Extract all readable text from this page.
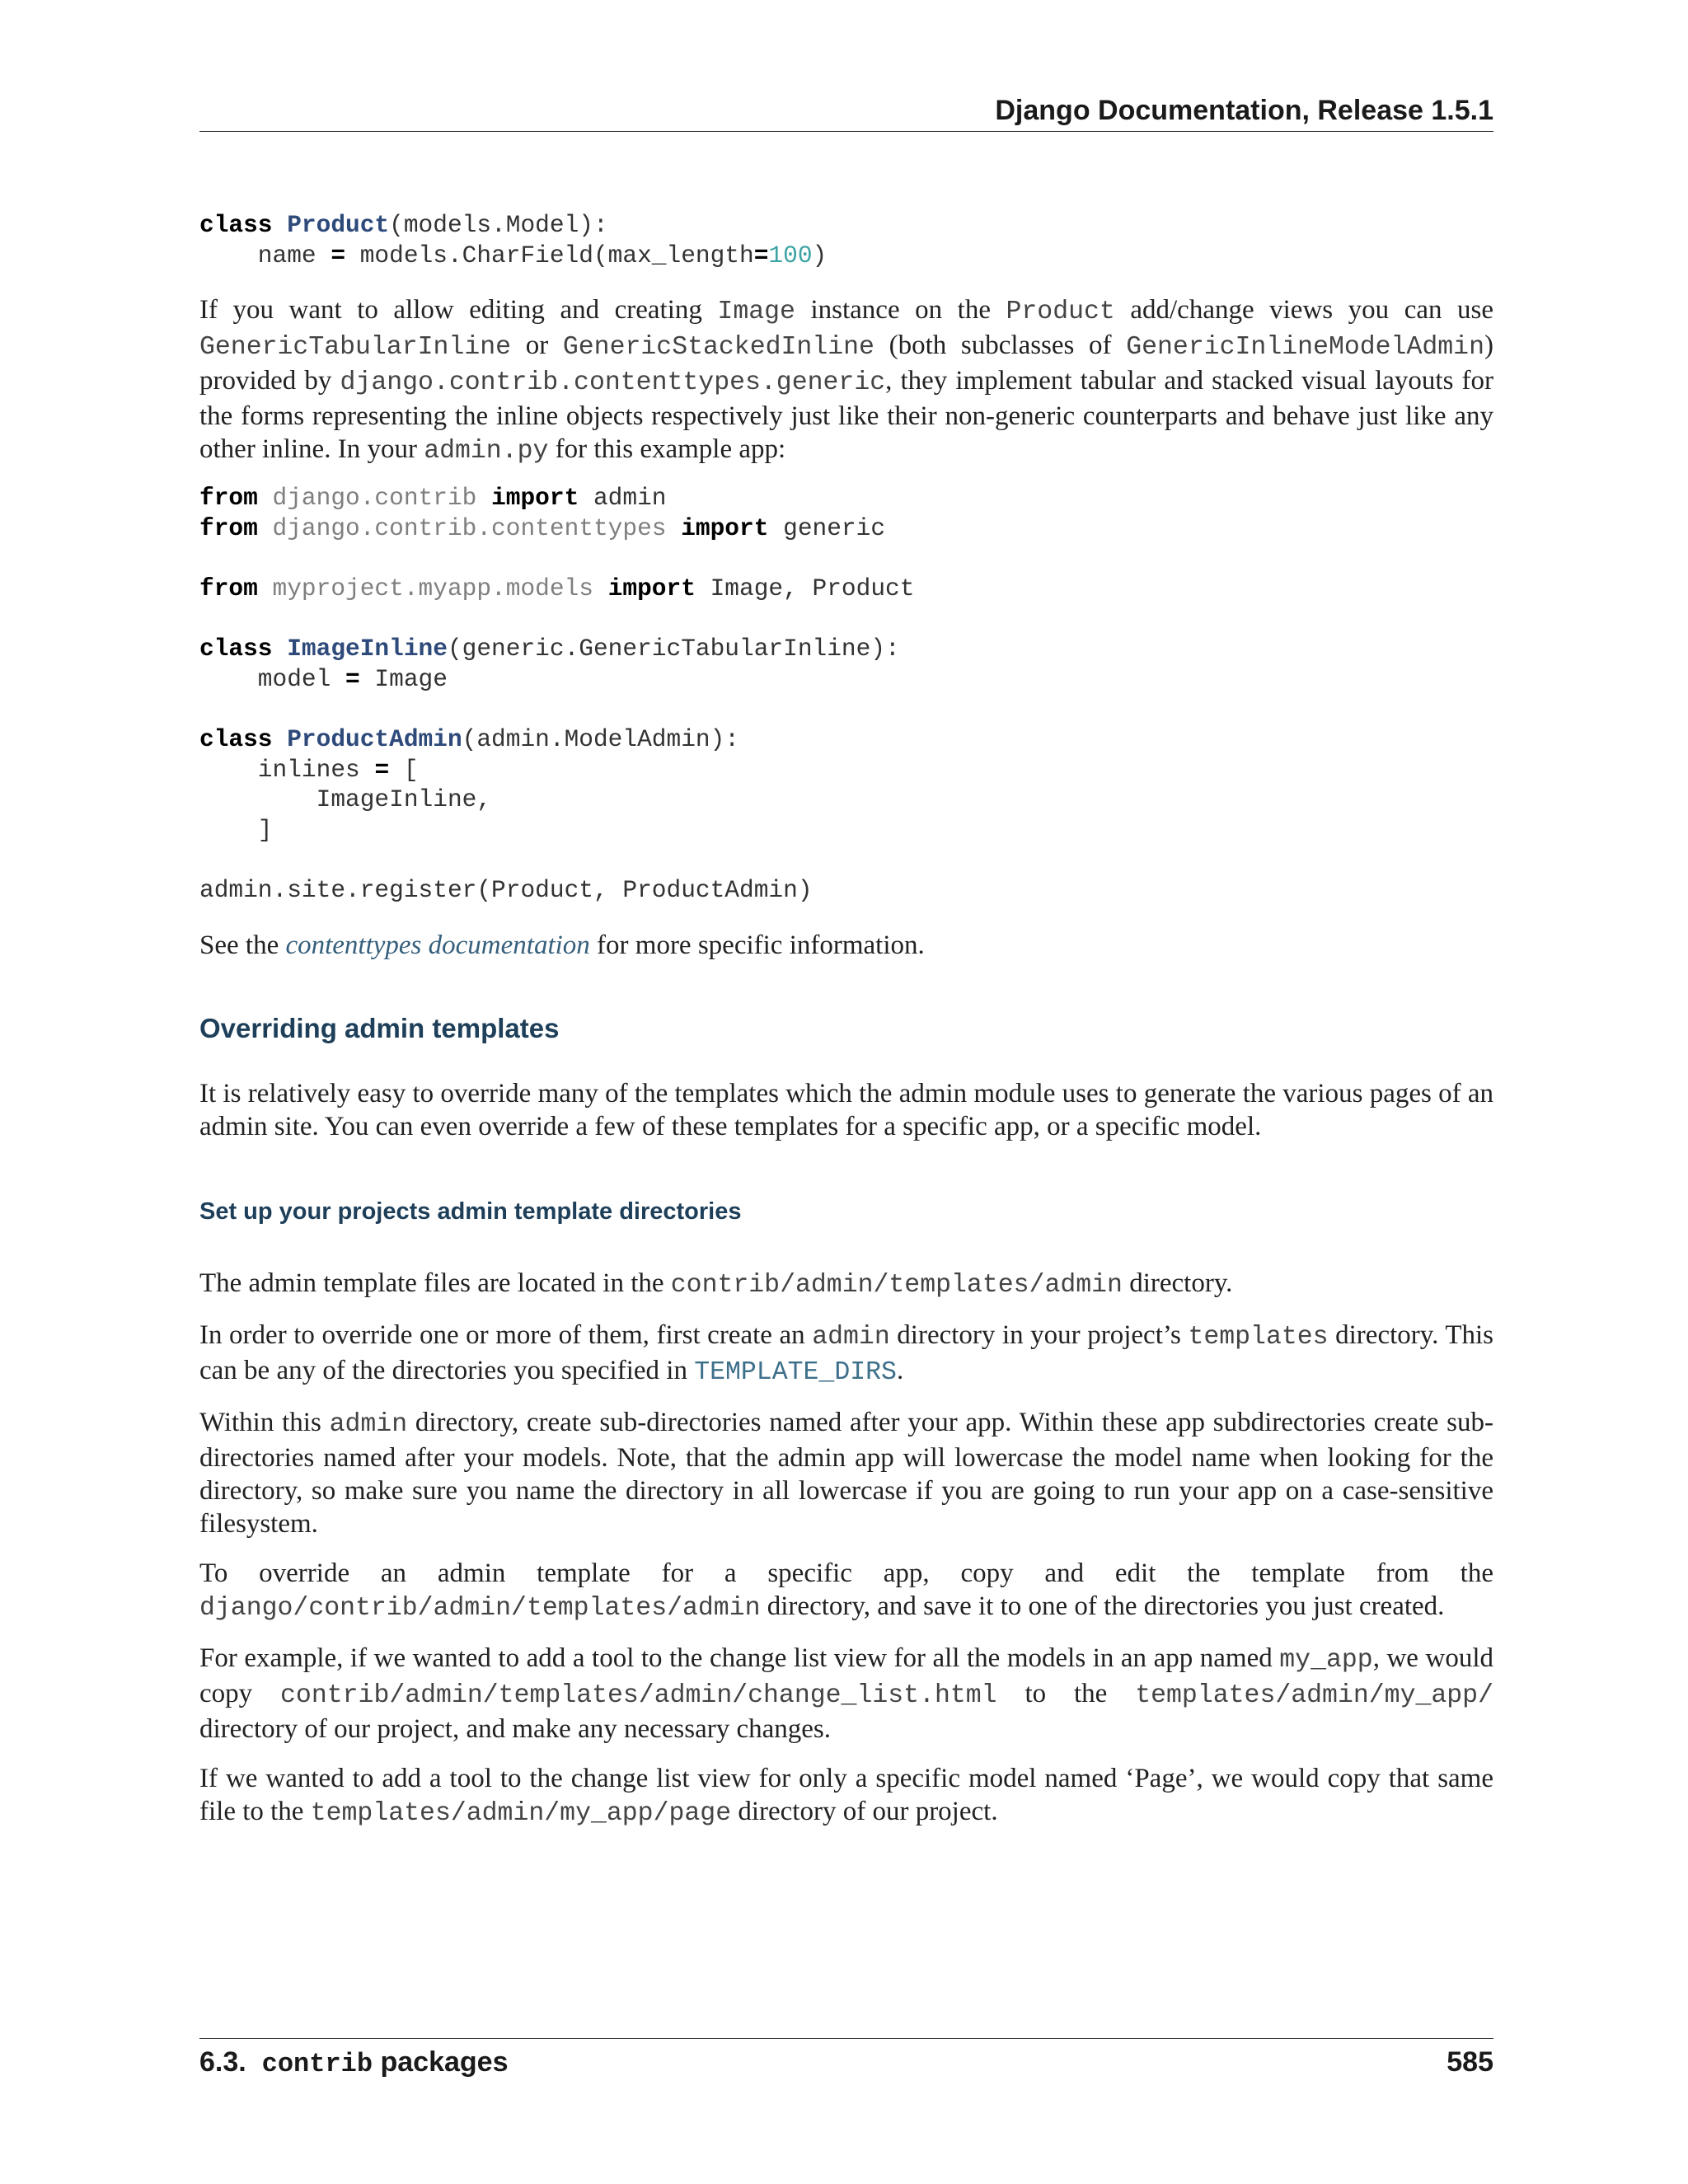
Django Documentation, Release 1.5.1
class Product(models.Model):
name = models.CharField(max_length=100)

If you want to allow editing and creating Image instance on the Product add/change views you can use GenericTabularInline or GenericStackedInline (both subclasses of GenericInlineModelAdmin) provided by django.contrib.contenttypes.generic, they implement tabular and stacked visual layouts for the forms representing the inline objects respectively just like their non-generic counterparts and behave just like any other inline. In your admin.py for this example app:

from django.contrib import admin
from django.contrib.contenttypes import generic

from myproject.myapp.models import Image, Product

class ImageInline(generic.GenericTabularInline):
model = Image

class ProductAdmin(admin.ModelAdmin):
inlines = [
ImageInline,
]

admin.site.register(Product, ProductAdmin)

See the contenttypes documentation for more specific information.

Overriding admin templates

It is relatively easy to override many of the templates which the admin module uses to generate the various pages of an admin site. You can even override a few of these templates for a specific app, or a specific model.

Set up your projects admin template directories

The admin template files are located in the contrib/admin/templates/admin directory.

In order to override one or more of them, first create an admin directory in your project’s templates directory. This can be any of the directories you specified in TEMPLATE_DIRS.

Within this admin directory, create sub-directories named after your app. Within these app subdirectories create sub-directories named after your models. Note, that the admin app will lowercase the model name when looking for the directory, so make sure you name the directory in all lowercase if you are going to run your app on a case-sensitive filesystem.

To override an admin template for a specific app, copy and edit the template from the django/contrib/admin/templates/admin directory, and save it to one of the directories you just created.

For example, if we wanted to add a tool to the change list view for all the models in an app named my_app, we would copy contrib/admin/templates/admin/change_list.html to the templates/admin/my_app/ directory of our project, and make any necessary changes.

If we wanted to add a tool to the change list view for only a specific model named ‘Page’, we would copy that same file to the templates/admin/my_app/page directory of our project.

6.3. contrib packages	585
